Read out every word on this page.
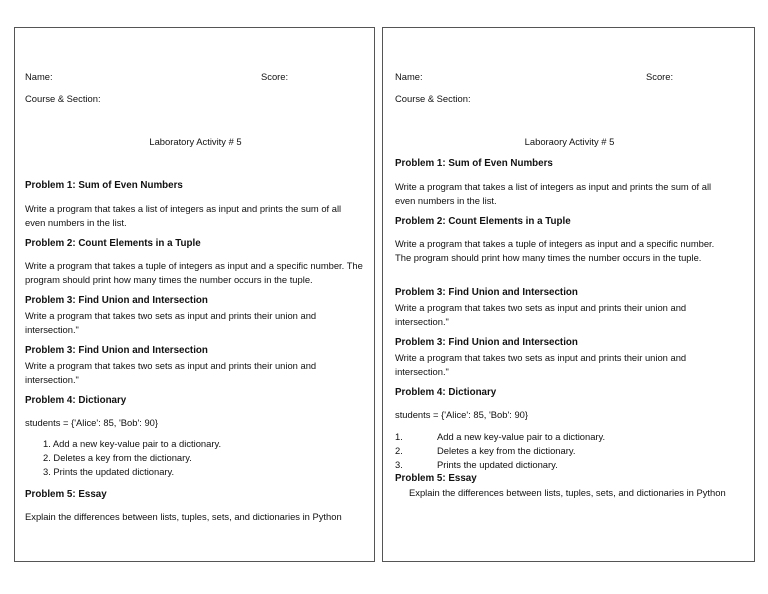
Name:	Score:
Course & Section:
Laboratory Activity # 5
Problem 1: Sum of Even Numbers
Write a program that takes a list of integers as input and prints the sum of all even numbers in the list.
Problem 2: Count Elements in a Tuple
Write a program that takes a tuple of integers as input and a specific number. The program should print how many times the number occurs in the tuple.
Problem 3: Find Union and Intersection
Write a program that takes two sets as input and prints their union and intersection."
Problem 3: Find Union and Intersection
Write a program that takes two sets as input and prints their union and intersection."
Problem 4: Dictionary
students = {'Alice': 85, 'Bob': 90}
1. Add a new key-value pair to a dictionary.
2. Deletes a key from the dictionary.
3. Prints the updated dictionary.
Problem 5: Essay
Explain the differences between lists, tuples, sets, and dictionaries in Python
Name:	Score:
Course & Section:
Laboraory Activity # 5
Problem 1: Sum of Even Numbers
Write a program that takes a list of integers as input and prints the sum of all even numbers in the list.
Problem 2: Count Elements in a Tuple
Write a program that takes a tuple of integers as input and a specific number. The program should print how many times the number occurs in the tuple.
Problem 3: Find Union and Intersection
Write a program that takes two sets as input and prints their union and intersection."
Problem 3: Find Union and Intersection
Write a program that takes two sets as input and prints their union and intersection."
Problem 4: Dictionary
students = {'Alice': 85, 'Bob': 90}
1.	Add a new key-value pair to a dictionary.
2.	Deletes a key from the dictionary.
3.	Prints the updated dictionary.
Problem 5: Essay
Explain the differences between lists, tuples, sets, and dictionaries in Python
